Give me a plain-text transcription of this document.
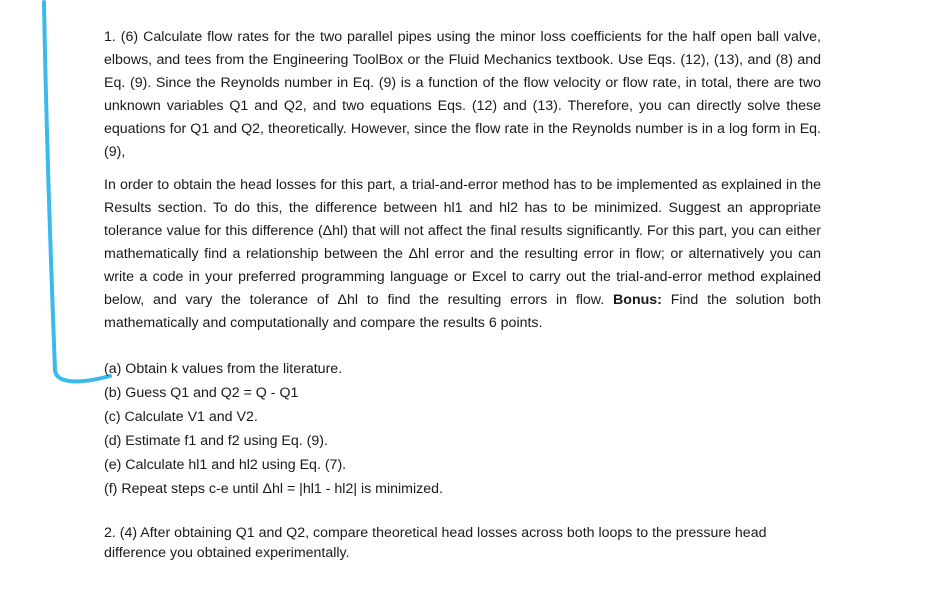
1. (6) Calculate flow rates for the two parallel pipes using the minor loss coefficients for the half open ball valve, elbows, and tees from the Engineering ToolBox or the Fluid Mechanics textbook. Use Eqs. (12), (13), and (8) and Eq. (9). Since the Reynolds number in Eq. (9) is a function of the flow velocity or flow rate, in total, there are two unknown variables Q1 and Q2, and two equations Eqs. (12) and (13). Therefore, you can directly solve these equations for Q1 and Q2, theoretically. However, since the flow rate in the Reynolds number is in a log form in Eq. (9),

In order to obtain the head losses for this part, a trial-and-error method has to be implemented as explained in the Results section. To do this, the difference between hl1 and hl2 has to be minimized. Suggest an appropriate tolerance value for this difference (Δhl) that will not affect the final results significantly. For this part, you can either mathematically find a relationship between the Δhl error and the resulting error in flow; or alternatively you can write a code in your preferred programming language or Excel to carry out the trial-and-error method explained below, and vary the tolerance of Δhl to find the resulting errors in flow. Bonus: Find the solution both mathematically and computationally and compare the results 6 points.

(a) Obtain k values from the literature.
(b) Guess Q1 and Q2 = Q - Q1
(c) Calculate V1 and V2.
(d) Estimate f1 and f2 using Eq. (9).
(e) Calculate hl1 and hl2 using Eq. (7).
(f) Repeat steps c-e until Δhl = |hl1 - hl2| is minimized.

2. (4) After obtaining Q1 and Q2, compare theoretical head losses across both loops to the pressure head difference you obtained experimentally.
